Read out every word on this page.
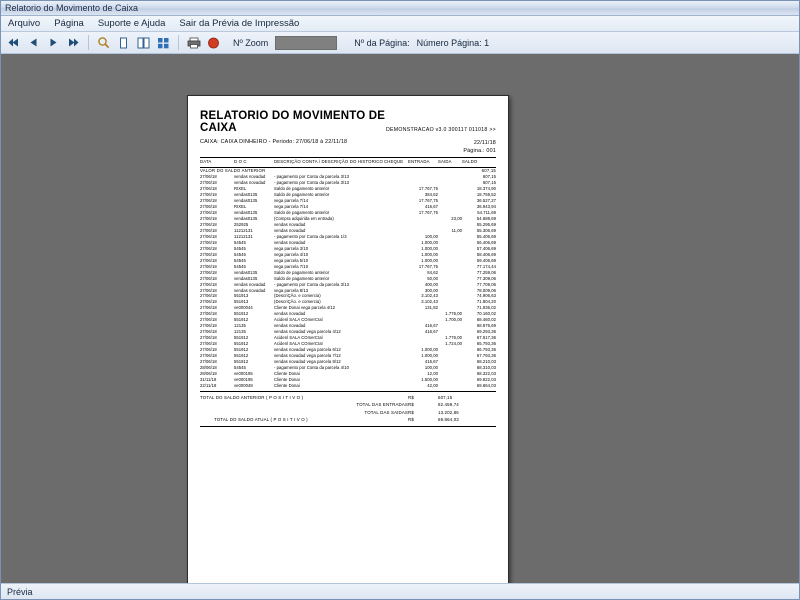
Relatorio do Movimento de Caixa
Arquivo	Página	Suporte e Ajuda	Sair da Prévia de Impressão
Nº Zoom	Nº da Página: Número Página: 1
RELATORIO DO MOVIMENTO DE CAIXA	DEMONSTRACAO v3.0 300117 011018 >>
CAIXA: CAIXA DINHEIRO - Periodo: 27/06/18 à 22/11/18	22/11/18
Página.: 001
DATA	D O C	DESCRIÇÃO CONTA / DESCRIÇÃO DO HISTORICO	CHEQUE	ENTRADA	SAIDA	SALDO
VALOR DO SALDO ANTERIOR						607,15
27/06/18	vendas novadad	- pagamento por Conta da parcela 3/13				607,15
27/06/18	vendas novadad	- pagamento por Conta da parcela 3/13				607,15
27/06/18	RIXEL	Saldo de pagamento anterior		17.767,75		18.374,90
27/06/18	vendas0135	Saldo de pagamento anterior		384,62		18.759,52
27/06/18	vendas0135	vega parcela 7/14		17.767,75		36.527,27
27/06/18	RIXEL	vega parcela 7/14		416,67		36.943,94
27/06/18	vendas0135	Saldo de pagamento anterior		17.767,75		54.711,69
27/06/18	vendas0135	(Compra adquirida em entrada)			23,00	54.688,69
27/06/18	252925	vendas novadad				55.295,69
27/06/18	11212131	vendas novadad			11,00	55.306,69
27/06/18	11212131	- pagamento por Conta da parcela 1/3		100,00		55.406,69
27/06/18	54545	vendas novadad		1.000,00		56.406,69
27/06/18	54545	vega parcela 3/10		1.000,00		57.406,69
27/06/18	54545	vega parcela 4/10		1.000,00		58.406,69
27/06/18	54545	vega parcela 5/10		1.000,00		59.406,69
27/06/18	54545	vega parcela 7/10		17.767,75		77.174,44
27/06/18	vendas0135	Saldo de pagamento anterior		84,62		77.259,06
27/06/18	vendas0135	Saldo de pagamento anterior		50,00		77.309,06
27/06/18	vendas novadad	- pagamento por Conta da parcela 3/13		400,00		77.709,06
27/06/18	vendas novadad	vega parcela 8/13		300,00		78.009,06
27/06/18	551913	(DescriÇÃo. e comercia)		3.102,43		74.906,63
27/06/18	551913	(DescriÇÃo. e comercia)		3.102,43		71.804,20
27/06/18	ve000044	Cliente Donai vega parcela 4/12		131,82		71.936,02
27/06/18	551912	vendas novadad			1.776,00	70.160,02
27/06/18	551912	Acidenl SALA COmerCIal			1.700,00	68.460,02
27/06/18	12135	vendas novadad		416,67		68.876,69
27/06/18	12135	vendas novadad vega parcela 4/12		416,67		69.293,36
27/06/18	551912	Acidenl SALA COmerCIal			1.776,00	67.517,36
27/06/18	551912	Acidenl SALA COmerCIal			1.724,00	65.793,36
27/06/18	551912	vendas novadad vega parcela 6/12		1.000,00		66.793,36
27/06/18	551912	vendas novadad vega parcela 7/12		1.000,00		67.793,36
27/06/18	551912	vendas novadad vega parcela 8/12		416,67		68.210,03
28/06/18	54545	- pagamento por Conta da parcela 4/10		100,00		68.310,03
28/06/18	ve000195	Cliente Donai		12,00		68.322,03
31/11/18	ve000195	Cliente Donai		1.500,00		69.822,03
22/11/18	ve000048	Cliente Donai		42,00		69.864,03
TOTAL DO SALDO ANTERIOR ( P O S I T I V O )	R$	607,15
TOTAL DAS ENTRADAS R$	82.459,74
TOTAL DAS SAIDAS R$	13.202,86
TOTAL DO SALDO ATUAL ( P O S I T I V O )	R$	69.864,03
Prévia
